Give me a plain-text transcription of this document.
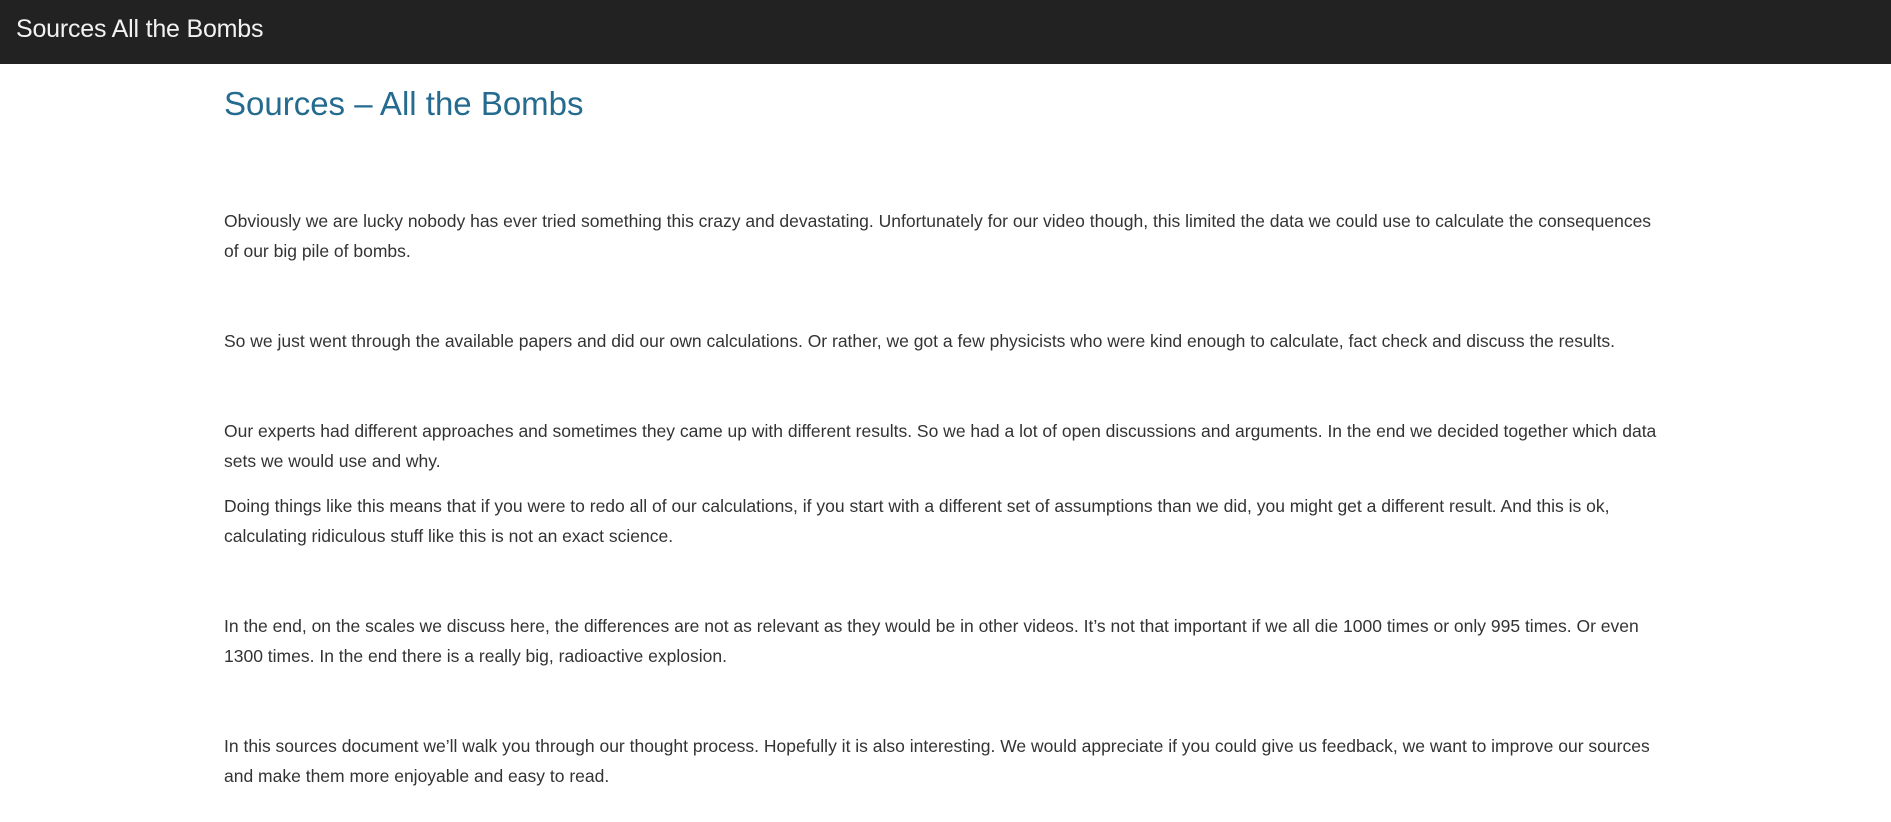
Sources All the Bombs
Sources – All the Bombs

Obviously we are lucky nobody has ever tried something this crazy and devastating. Unfortunately for our video though, this limited the data we could use to calculate the consequences of our big pile of bombs.

So we just went through the available papers and did our own calculations. Or rather, we got a few physicists who were kind enough to calculate, fact check and discuss the results.

Our experts had different approaches and sometimes they came up with different results. So we had a lot of open discussions and arguments. In the end we decided together which data sets we would use and why.

Doing things like this means that if you were to redo all of our calculations, if you start with a different set of assumptions than we did, you might get a different result. And this is ok, calculating ridiculous stuff like this is not an exact science.

In the end, on the scales we discuss here, the differences are not as relevant as they would be in other videos. It’s not that important if we all die 1000 times or only 995 times. Or even 1300 times. In the end there is a really big, radioactive explosion.

In this sources document we’ll walk you through our thought process. Hopefully it is also interesting. We would appreciate if you could give us feedback, we want to improve our sources and make them more enjoyable and easy to read.
